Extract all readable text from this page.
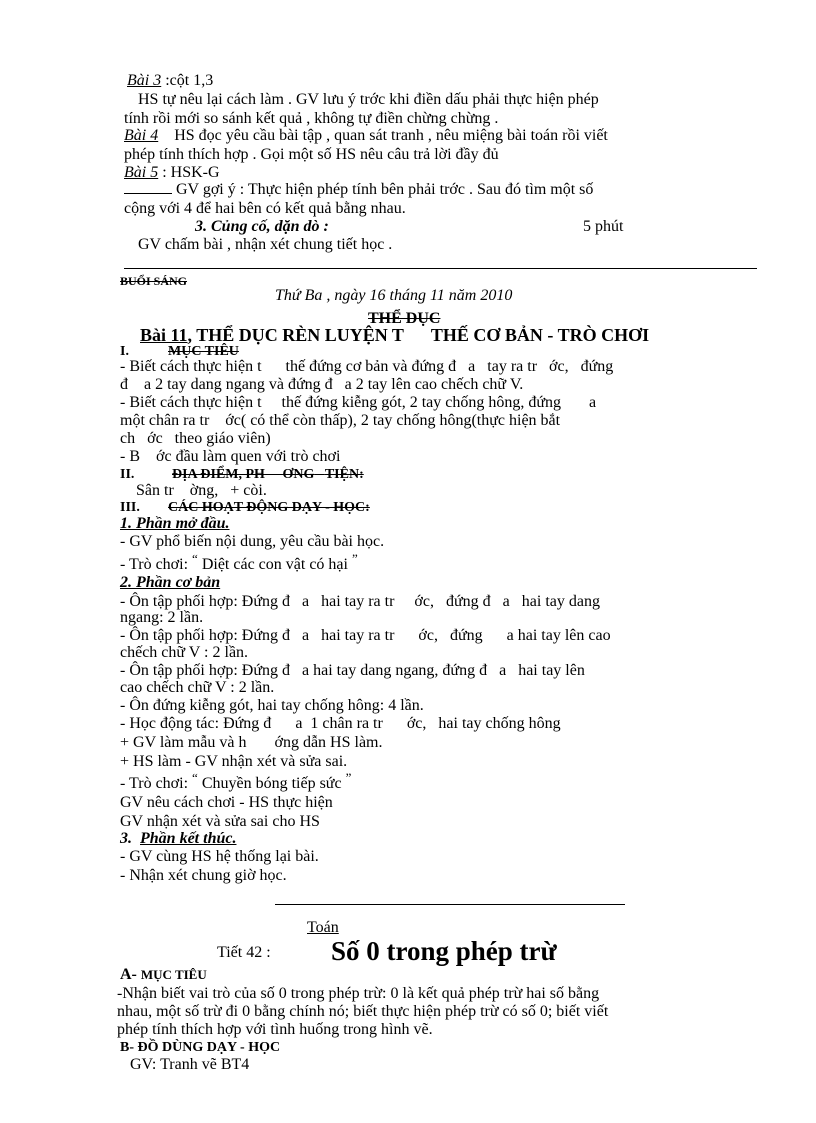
Bài 3 :cột 1,3
HS tự nêu lại cách làm . GV lưu ý trớc khi điền dấu phải thực hiện phép
tính rồi mới so sánh kết quả , không tự điền chừng chừng .
Bài 4 HS đọc yêu cầu bài tập , quan sát tranh , nêu miệng bài toán rồi viết
phép tính thích hợp . Gọi một số HS nêu câu trả lời đầy đủ
Bài 5 : HSK-G
GV gợi ý : Thực hiện phép tính bên phải trớc . Sau đó tìm một số
cộng với 4 để hai bên có kết quả bằng nhau.
3. Củng cố, dặn dò :	5 phút
GV chấm bài , nhận xét chung tiết học .
BUỔI SÁNG
Thứ Ba , ngày 16 tháng 11 năm 2010
THỂ DỤC
Bài 11, THỂ DỤC RÈN LUYỆN T THẾ CƠ BẢN - TRÒ CHƠI
I.	MỤC TIÊU
- Biết cách thực hiện t thế đứng cơ bản và đứng đ a tay ra tr ớc, đứng
đ a 2 tay dang ngang và đứng đ a 2 tay lên cao chếch chữ V.
- Biết cách thực hiện t thế đứng kiễng gót, 2 tay chống hông, đứng a
một chân ra tr ớc( có thể còn thấp), 2 tay chống hông(thực hiện bắt
ch ớc theo giáo viên)
- B ớc đầu làm quen với trò chơi
II.	ĐỊA ĐIỂM, PH ƠNG TIỆN:
Sân tr ờng, + còi.
III. CÁC HOẠT ĐỘNG DẠY - HỌC:
1. Phần mở đầu.
- GV phổ biến nội dung, yêu cầu bài học.
- Trò chơi: “ Diệt các con vật có hại ”
2. Phần cơ bản
- Ôn tập phối hợp: Đứng đ a hai tay ra tr ớc, đứng đ a hai tay dang
ngang: 2 lần.
- Ôn tập phối hợp: Đứng đ a hai tay ra tr ớc, đứng a hai tay lên cao
chếch chữ V : 2 lần.
- Ôn tập phối hợp: Đứng đ a hai tay dang ngang, đứng đ a hai tay lên
cao chếch chữ V : 2 lần.
- Ôn đứng kiễng gót, hai tay chống hông: 4 lần.
- Học động tác: Đứng đ a 1 chân ra tr ớc, hai tay chống hông
+ GV làm mẫu và h ớng dẫn HS làm.
+ HS làm - GV nhận xét và sửa sai.
- Trò chơi: “ Chuyền bóng tiếp sức ”
GV nêu cách chơi - HS thực hiện
GV nhận xét và sửa sai cho HS
3. Phần kết thúc.
- GV cùng HS hệ thống lại bài.
- Nhận xét chung giờ học.
Toán
Tiết 42 : Số 0 trong phép trừ
A- MỤC TIÊU
-Nhận biết vai trò của số 0 trong phép trừ: 0 là kết quả phép trừ hai số bằng
nhau, một số trừ đi 0 bằng chính nó; biết thực hiện phép trừ có số 0; biết viết
phép tính thích hợp với tình huống trong hình vẽ.
B- ĐỒ DÙNG DẠY - HỌC
GV: Tranh vẽ BT4
